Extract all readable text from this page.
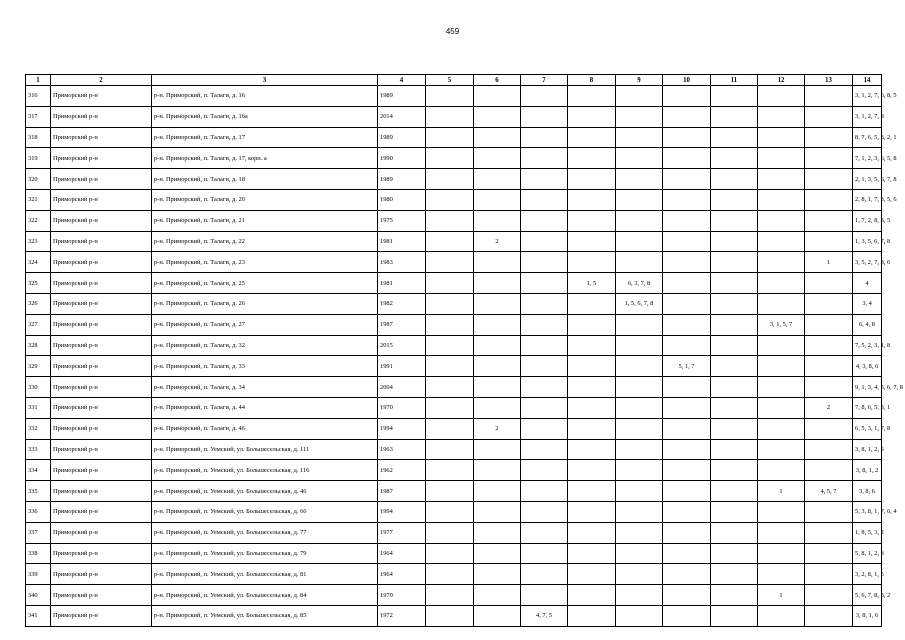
459
1	2	3	4	5	6	7	8	9	10	11	12	13	14
316	Приморский р-н	р-н. Приморский, п. Талаги, д. 16	1989										3, 1, 2, 7, 6, 8, 5
317	Приморский р-н	р-н. Приморский, п. Талаги, д. 16а	2014										3, 1, 2, 7, 8
318	Приморский р-н	р-н. Приморский, п. Талаги, д. 17	1989										8, 7, 6, 5, 3, 2, 1
319	Приморский р-н	р-н. Приморский, п. Талаги, д. 17, корп. а	1990										7, 1, 2, 3, 6, 5, 8
320	Приморский р-н	р-н. Приморский, п. Талаги, д. 18	1989										2, 1, 3, 5, 6, 7, 8
321	Приморский р-н	р-н. Приморский, п. Талаги, д. 20	1980										2, 8, 1, 7, 3, 5, 6
322	Приморский р-н	р-н. Приморский, п. Талаги, д. 21	1975										1, 7, 2, 8, 3, 5
323	Приморский р-н	р-н. Приморский, п. Талаги, д. 22	1981		2								1, 3, 5, 6, 7, 8
324	Приморский р-н	р-н. Приморский, п. Талаги, д. 23	1983									1	3, 5, 2, 7, 8, 6
325	Приморский р-н	р-н. Приморский, п. Талаги, д. 25	1981				1, 5	6, 3, 7, 8					4
326	Приморский р-н	р-н. Приморский, п. Талаги, д. 26	1982					1, 5, 6, 7, 8					3, 4
327	Приморский р-н	р-н. Приморский, п. Талаги, д. 27	1987								3, 1, 5, 7		6, 4, 8
328	Приморский р-н	р-н. Приморский, п. Талаги, д. 32	2015										7, 5, 2, 3, 1, 8
329	Приморский р-н	р-н. Приморский, п. Талаги, д. 33	1991						5, 1, 7				4, 3, 8, 6
330	Приморский р-н	р-н. Приморский, п. Талаги, д. 34	2004										9, 1, 3, 4, 5, 6, 7, 8
331	Приморский р-н	р-н. Приморский, п. Талаги, д. 44	1970									2	7, 8, 6, 5, 3, 1
332	Приморский р-н	р-н. Приморский, п. Талаги, д. 46	1994		2								6, 5, 3, 1, 7, 8
333	Приморский р-н	р-н. Приморский, п. Уемский, ул. Большесельская, д. 111	1963										3, 8, 1, 2, 5
334	Приморский р-н	р-н. Приморский, п. Уемский, ул. Большесельская, д. 116	1962										3, 8, 1, 2
335	Приморский р-н	р-н. Приморский, п. Уемский, ул. Большесельская, д. 46	1987								1	4, 5, 7	3, 8, 6
336	Приморский р-н	р-н. Приморский, п. Уемский, ул. Большесельская, д. 66	1994										5, 3, 8, 1, 7, 6, 4
337	Приморский р-н	р-н. Приморский, п. Уемский, ул. Большесельская, д. 77	1977										1, 8, 5, 3, 2
338	Приморский р-н	р-н. Приморский, п. Уемский, ул. Большесельская, д. 79	1964										5, 8, 1, 2, 3
339	Приморский р-н	р-н. Приморский, п. Уемский, ул. Большесельская, д. 81	1964										3, 2, 8, 1, 5
340	Приморский р-н	р-н. Приморский, п. Уемский, ул. Большесельская, д. 84	1970								1		5, 6, 7, 8, 3, 2
341	Приморский р-н	р-н. Приморский, п. Уемский, ул. Большесельская, д. 85	1972			4, 7, 5							3, 8, 1, 6
